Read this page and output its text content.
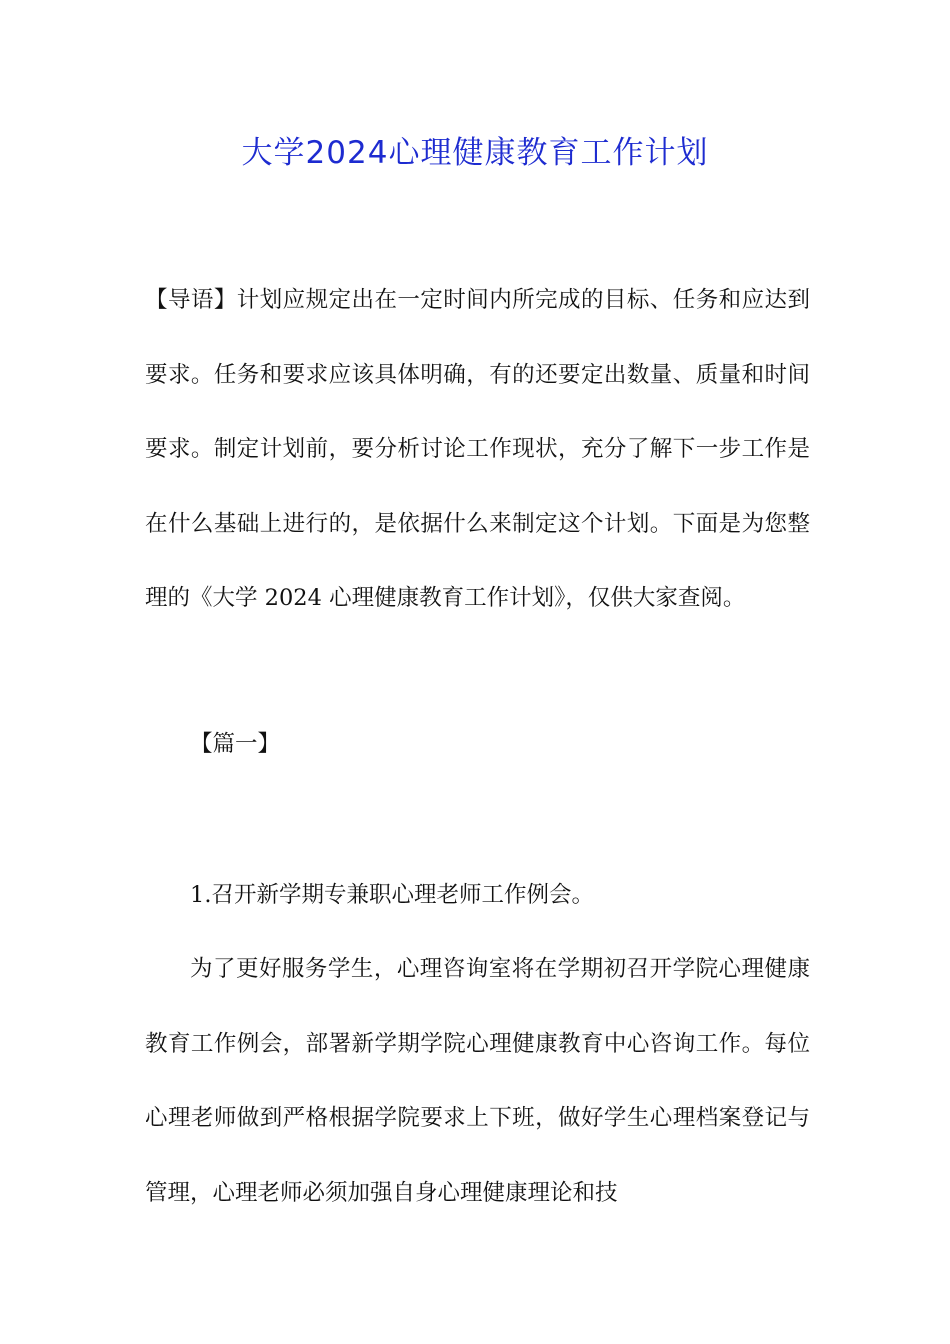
大学2024心理健康教育工作计划

【导语】计划应规定出在一定时间内所完成的目标、任务和应达到要求。任务和要求应该具体明确，有的还要定出数量、质量和时间要求。制定计划前，要分析讨论工作现状，充分了解下一步工作是在什么基础上进行的，是依据什么来制定这个计划。下面是为您整理的《大学 2024 心理健康教育工作计划》，仅供大家查阅。

【篇一】

1.召开新学期专兼职心理老师工作例会。

为了更好服务学生，心理咨询室将在学期初召开学院心理健康教育工作例会，部署新学期学院心理健康教育中心咨询工作。每位心理老师做到严格根据学院要求上下班，做好学生心理档案登记与管理，心理老师必须加强自身心理健康理论和技
